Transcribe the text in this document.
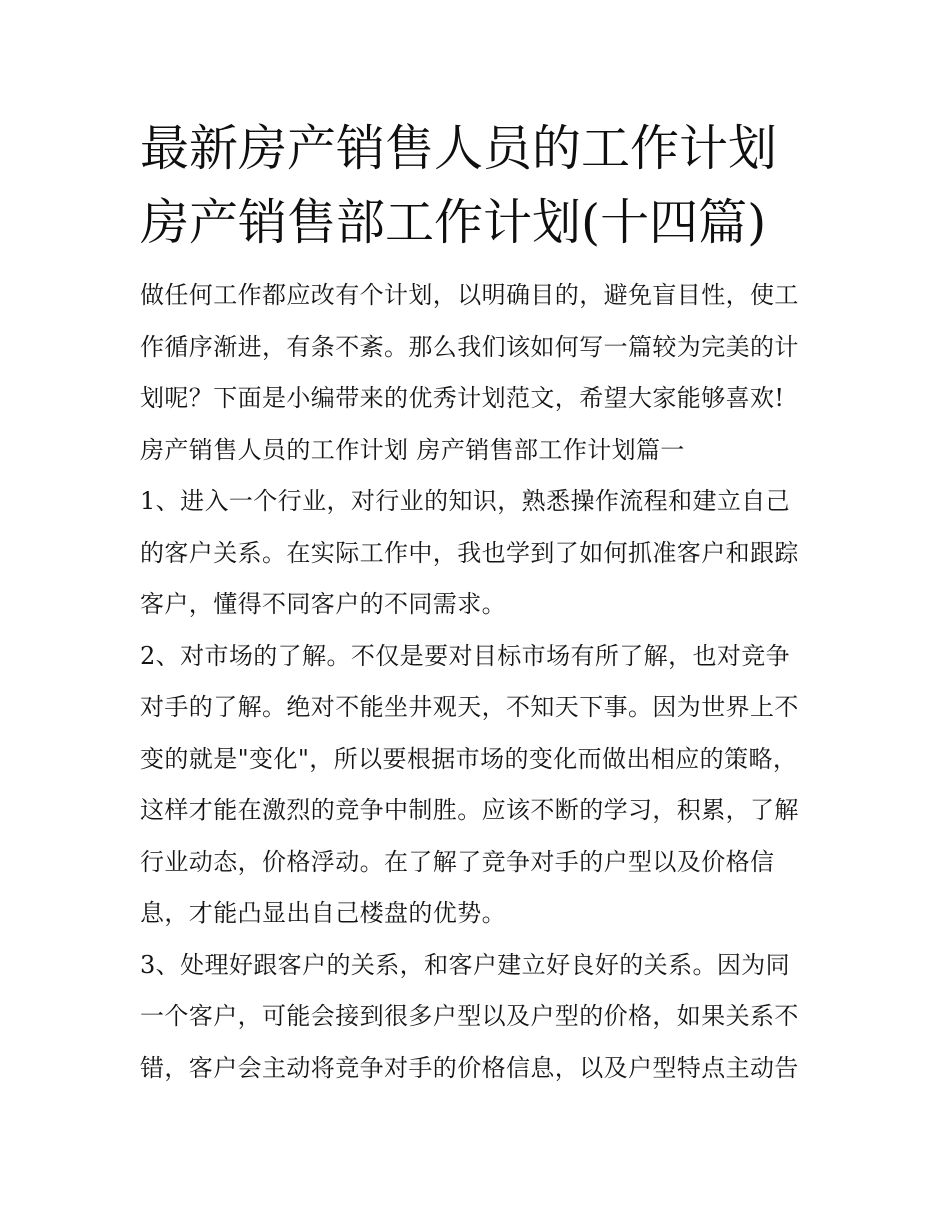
最新房产销售人员的工作计划
房产销售部工作计划(十四篇)
做任何工作都应改有个计划，以明确目的，避免盲目性，使工
作循序渐进，有条不紊。那么我们该如何写一篇较为完美的计
划呢？下面是小编带来的优秀计划范文，希望大家能够喜欢!
房产销售人员的工作计划 房产销售部工作计划篇一
1、进入一个行业，对行业的知识，熟悉操作流程和建立自己
的客户关系。在实际工作中，我也学到了如何抓准客户和跟踪
客户，懂得不同客户的不同需求。
2、对市场的了解。不仅是要对目标市场有所了解，也对竞争
对手的了解。绝对不能坐井观天，不知天下事。因为世界上不
变的就是"变化"，所以要根据市场的变化而做出相应的策略，
这样才能在激烈的竞争中制胜。应该不断的学习，积累，了解
行业动态，价格浮动。在了解了竞争对手的户型以及价格信
息，才能凸显出自己楼盘的优势。
3、处理好跟客户的关系，和客户建立好良好的关系。因为同
一个客户，可能会接到很多户型以及户型的价格，如果关系不
错，客户会主动将竞争对手的价格信息，以及户型特点主动告
